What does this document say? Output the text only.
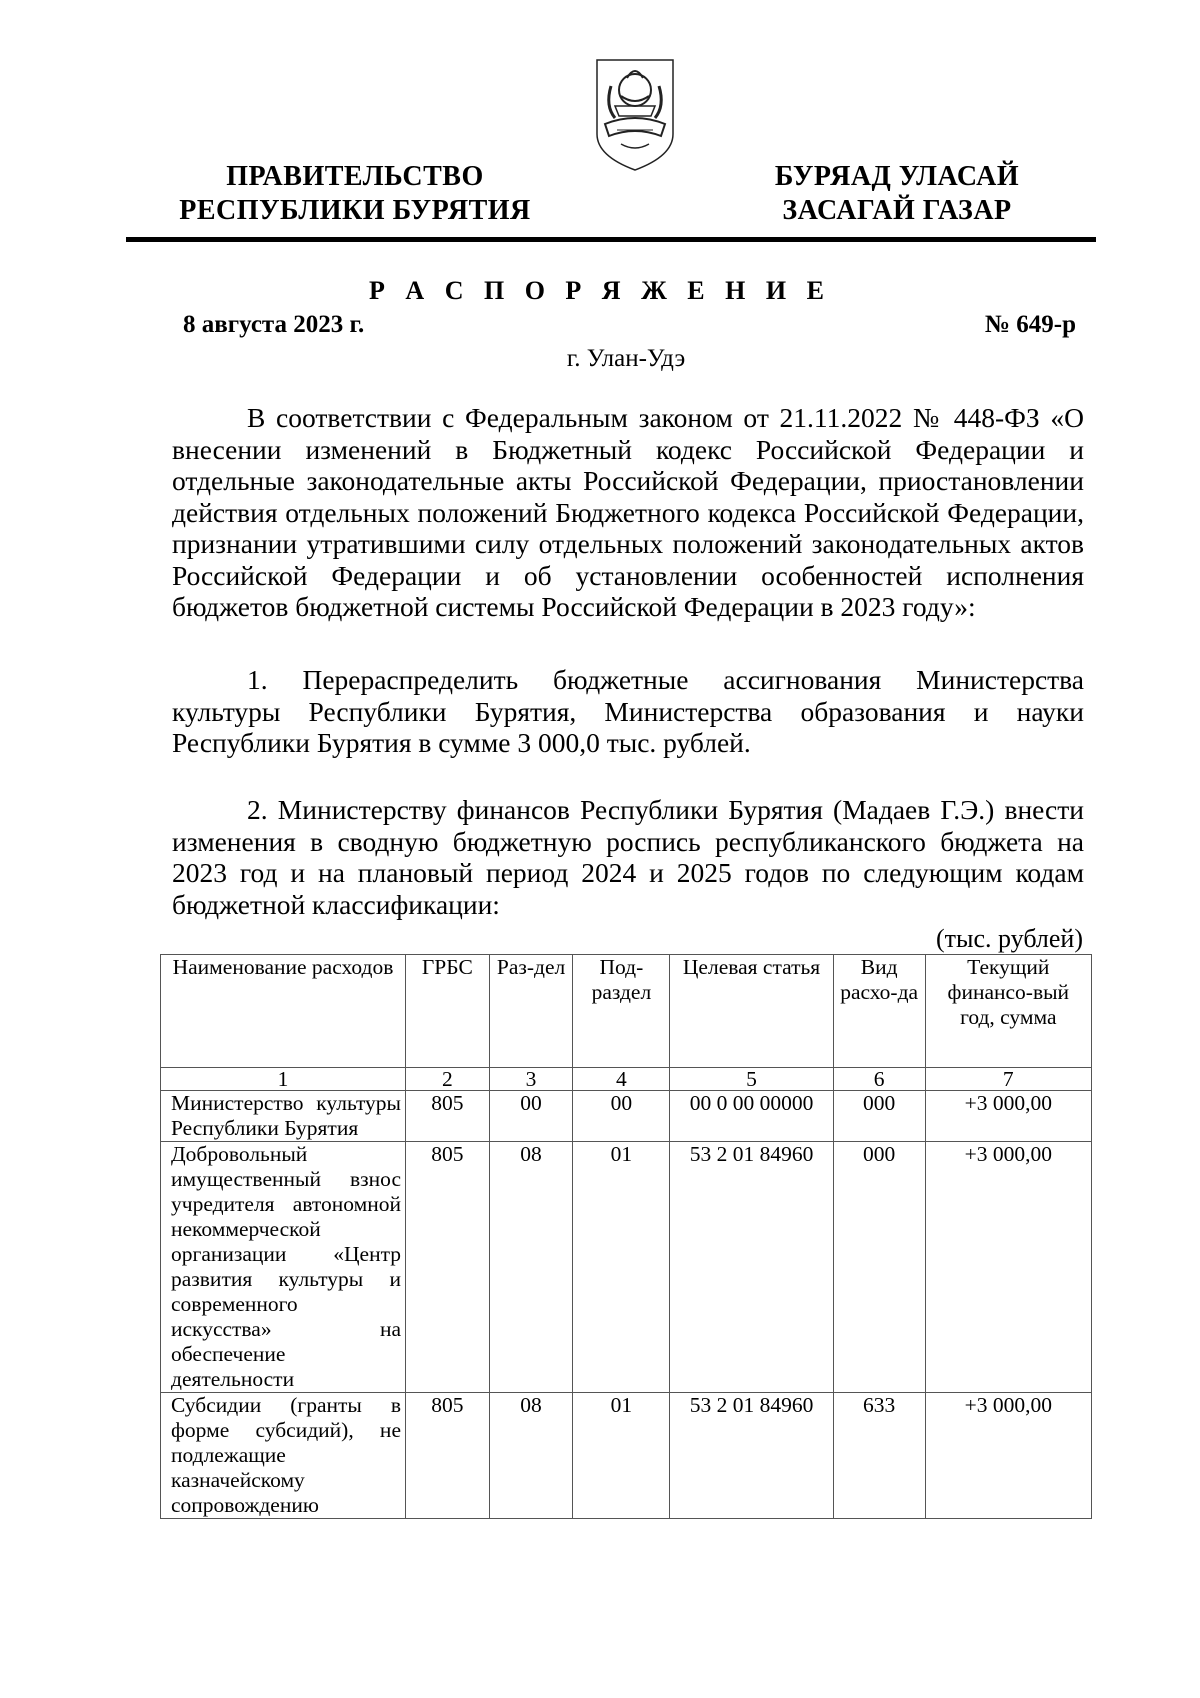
ПРАВИТЕЛЬСТВО
РЕСПУБЛИКИ БУРЯТИЯ
БУРЯАД УЛАСАЙ
ЗАСАГАЙ ГАЗАР
Р А С П О Р Я Ж Е Н И Е
8 августа 2023 г.	№ 649-р
г. Улан-Удэ
В соответствии с Федеральным законом от 21.11.2022 № 448-ФЗ «О внесении изменений в Бюджетный кодекс Российской Федерации и отдельные законодательные акты Российской Федерации, приостановлении действия отдельных положений Бюджетного кодекса Российской Федерации, признании утратившими силу отдельных положений законодательных актов Российской Федерации и об установлении особенностей исполнения бюджетов бюджетной системы Российской Федерации в 2023 году»:
1. Перераспределить бюджетные ассигнования Министерства культуры Республики Бурятия, Министерства образования и науки Республики Бурятия в сумме 3 000,0 тыс. рублей.
2. Министерству финансов Республики Бурятия (Мадаев Г.Э.) внести изменения в сводную бюджетную роспись республиканского бюджета на 2023 год и на плановый период 2024 и 2025 годов по следующим кодам бюджетной классификации:
(тыс. рублей)
Наименование расходов	ГРБС	Раз-дел	Под-раздел	Целевая статья	Вид расхо-да	Текущий финансо-вый год, сумма
1	2	3	4	5	6	7
Министерство культуры Республики Бурятия	805	00	00	00 0 00 00000	000	+3 000,00
Добровольный имущественный взнос учредителя автономной некоммерческой организации «Центр развития культуры и современного искусства» на обеспечение деятельности	805	08	01	53 2 01 84960	000	+3 000,00
Субсидии (гранты в форме субсидий), не подлежащие казначейскому сопровождению	805	08	01	53 2 01 84960	633	+3 000,00
